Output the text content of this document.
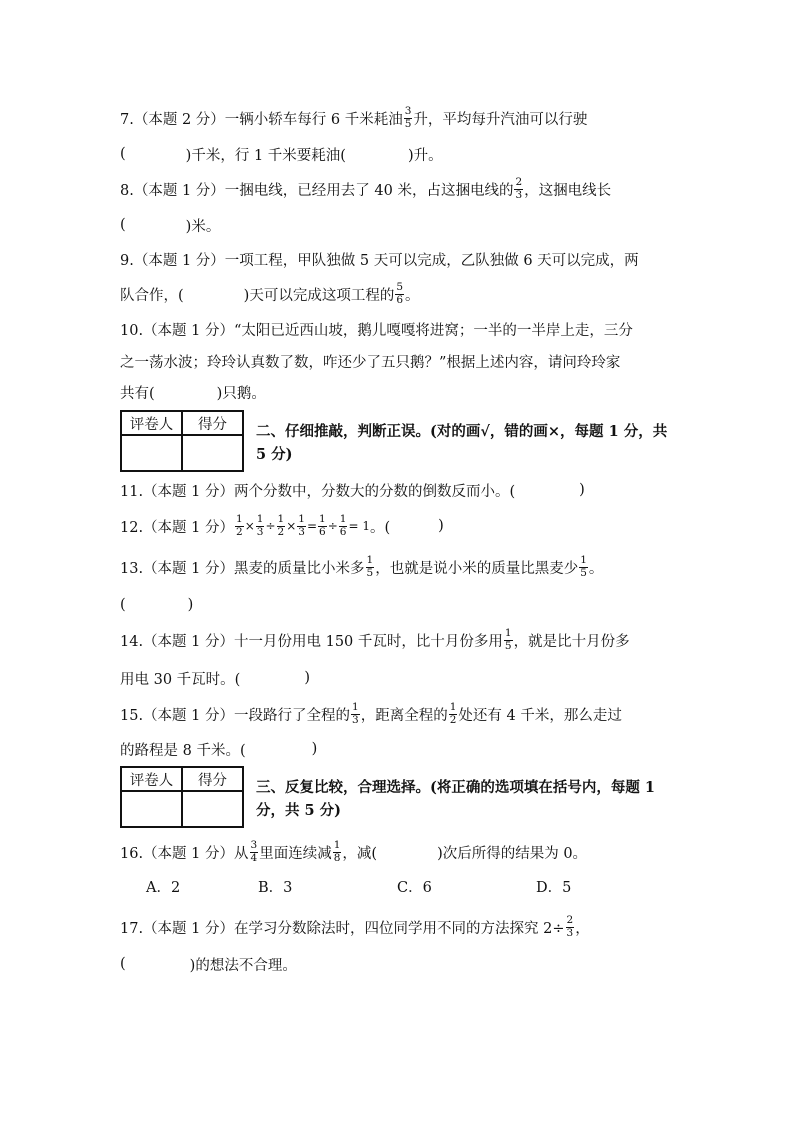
7.（本题 2 分）一辆小轿车每行 6 千米耗油 $\frac{3}{5}$ 升，平均每升汽油可以行驶
(	)千米，行 1 千米要耗油(	)升。
8.（本题 1 分）一捆电线，已经用去了 40 米，占这捆电线的 $\frac{2}{3}$ ，这捆电线长
(	)米。
9.（本题 1 分）一项工程，甲队独做 5 天可以完成，乙队独做 6 天可以完成，两
队合作，(	)天可以完成这项工程的 $\frac{5}{6}$ 。
10.（本题 1 分）“太阳已近西山坡，鹅儿嘎嘎将进窝；一半的一半岸上走，三分
之一荡水波；玲玲认真数了数，咋还少了五只鹅？”根据上述内容，请问玲玲家
共有(	)只鹅。
评卷人	得分
	二、仔细推敲，判断正误。(对的画√，错的画×，每题 1 分，共 5 分)
11.（本题 1 分）两个分数中，分数大的分数的倒数反而小。(	)
12.（本题 1 分） $\frac{1}{2} \times \frac{1}{3} \div \frac{1}{2} \times \frac{1}{3} = \frac{1}{6} \div \frac{1}{6} = 1$ 。(	)
13.（本题 1 分）黑麦的质量比小米多 $\frac{1}{5}$ ，也就是说小米的质量比黑麦少 $\frac{1}{5}$ 。
(	)
14.（本题 1 分）十一月份用电 150 千瓦时，比十月份多用 $\frac{1}{5}$ ，就是比十月份多
用电 30 千瓦时。(	)
15.（本题 1 分）一段路行了全程的 $\frac{1}{3}$ ，距离全程的 $\frac{1}{2}$ 处还有 4 千米，那么走过
的路程是 8 千米。(	)
评卷人	得分
	三、反复比较，合理选择。(将正确的选项填在括号内，每题 1 分，共 5 分)
16.（本题 1 分）从 $\frac{3}{4}$ 里面连续减 $\frac{1}{8}$ ，减(	)次后所得的结果为 0。
A．2	B．3	C．6	D．5
17.（本题 1 分）在学习分数除法时，四位同学用不同的方法探究 $2\div \frac{2}{3}$ ，
(	)的想法不合理。
